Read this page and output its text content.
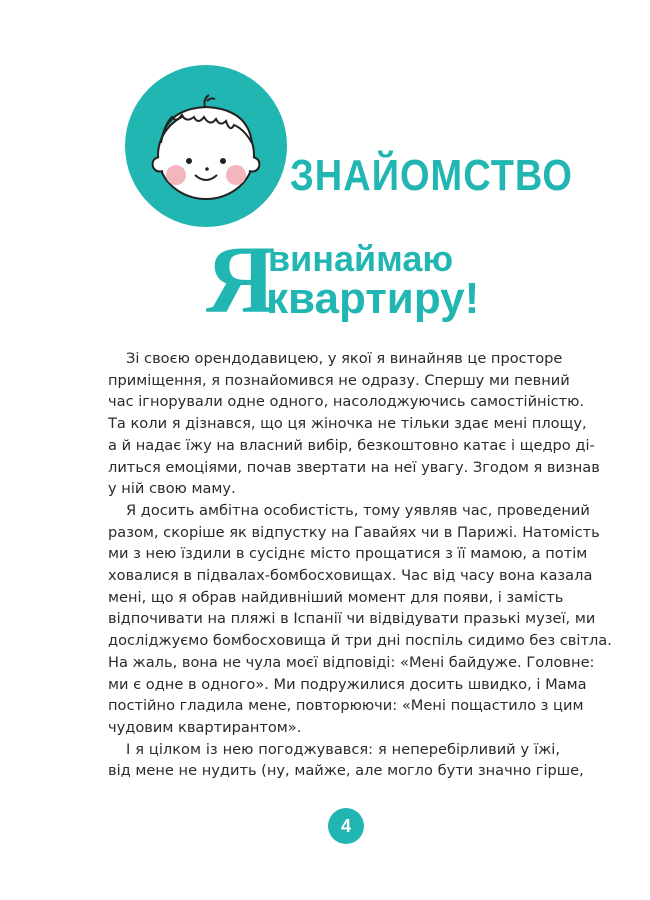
ЗНАЙОМСТВО
Я
винаймаю
квартиру!
Зі своєю орендодавицею, у якої я винайняв це просторе
приміщення, я познайомився не одразу. Спершу ми певний
час ігнорували одне одного, насолоджуючись самостійністю.
Та коли я дізнався, що ця жіночка не тільки здає мені площу,
а й надає їжу на власний вибір, безкоштовно катає і щедро ді-
литься емоціями, почав звертати на неї увагу. Згодом я визнав
у ній свою маму.
Я досить амбітна особистість, тому уявляв час, проведений
разом, скоріше як відпустку на Гавайях чи в Парижі. Натомість
ми з нею їздили в сусіднє місто прощатися з її мамою, а потім
ховалися в підвалах-бомбосховищах. Час від часу вона казала
мені, що я обрав найдивніший момент для появи, і замість
відпочивати на пляжі в Іспанії чи відвідувати празькі музеї, ми
досліджуємо бомбосховища й три дні поспіль сидимо без світла.
На жаль, вона не чула моєї відповіді: «Мені байдуже. Головне:
ми є одне в одного». Ми подружилися досить швидко, і Мама
постійно гладила мене, повторюючи: «Мені пощастило з цим
чудовим квартирантом».
І я цілком із нею погоджувався: я неперебірливий у їжі,
від мене не нудить (ну, майже, але могло бути значно гірше,
4
